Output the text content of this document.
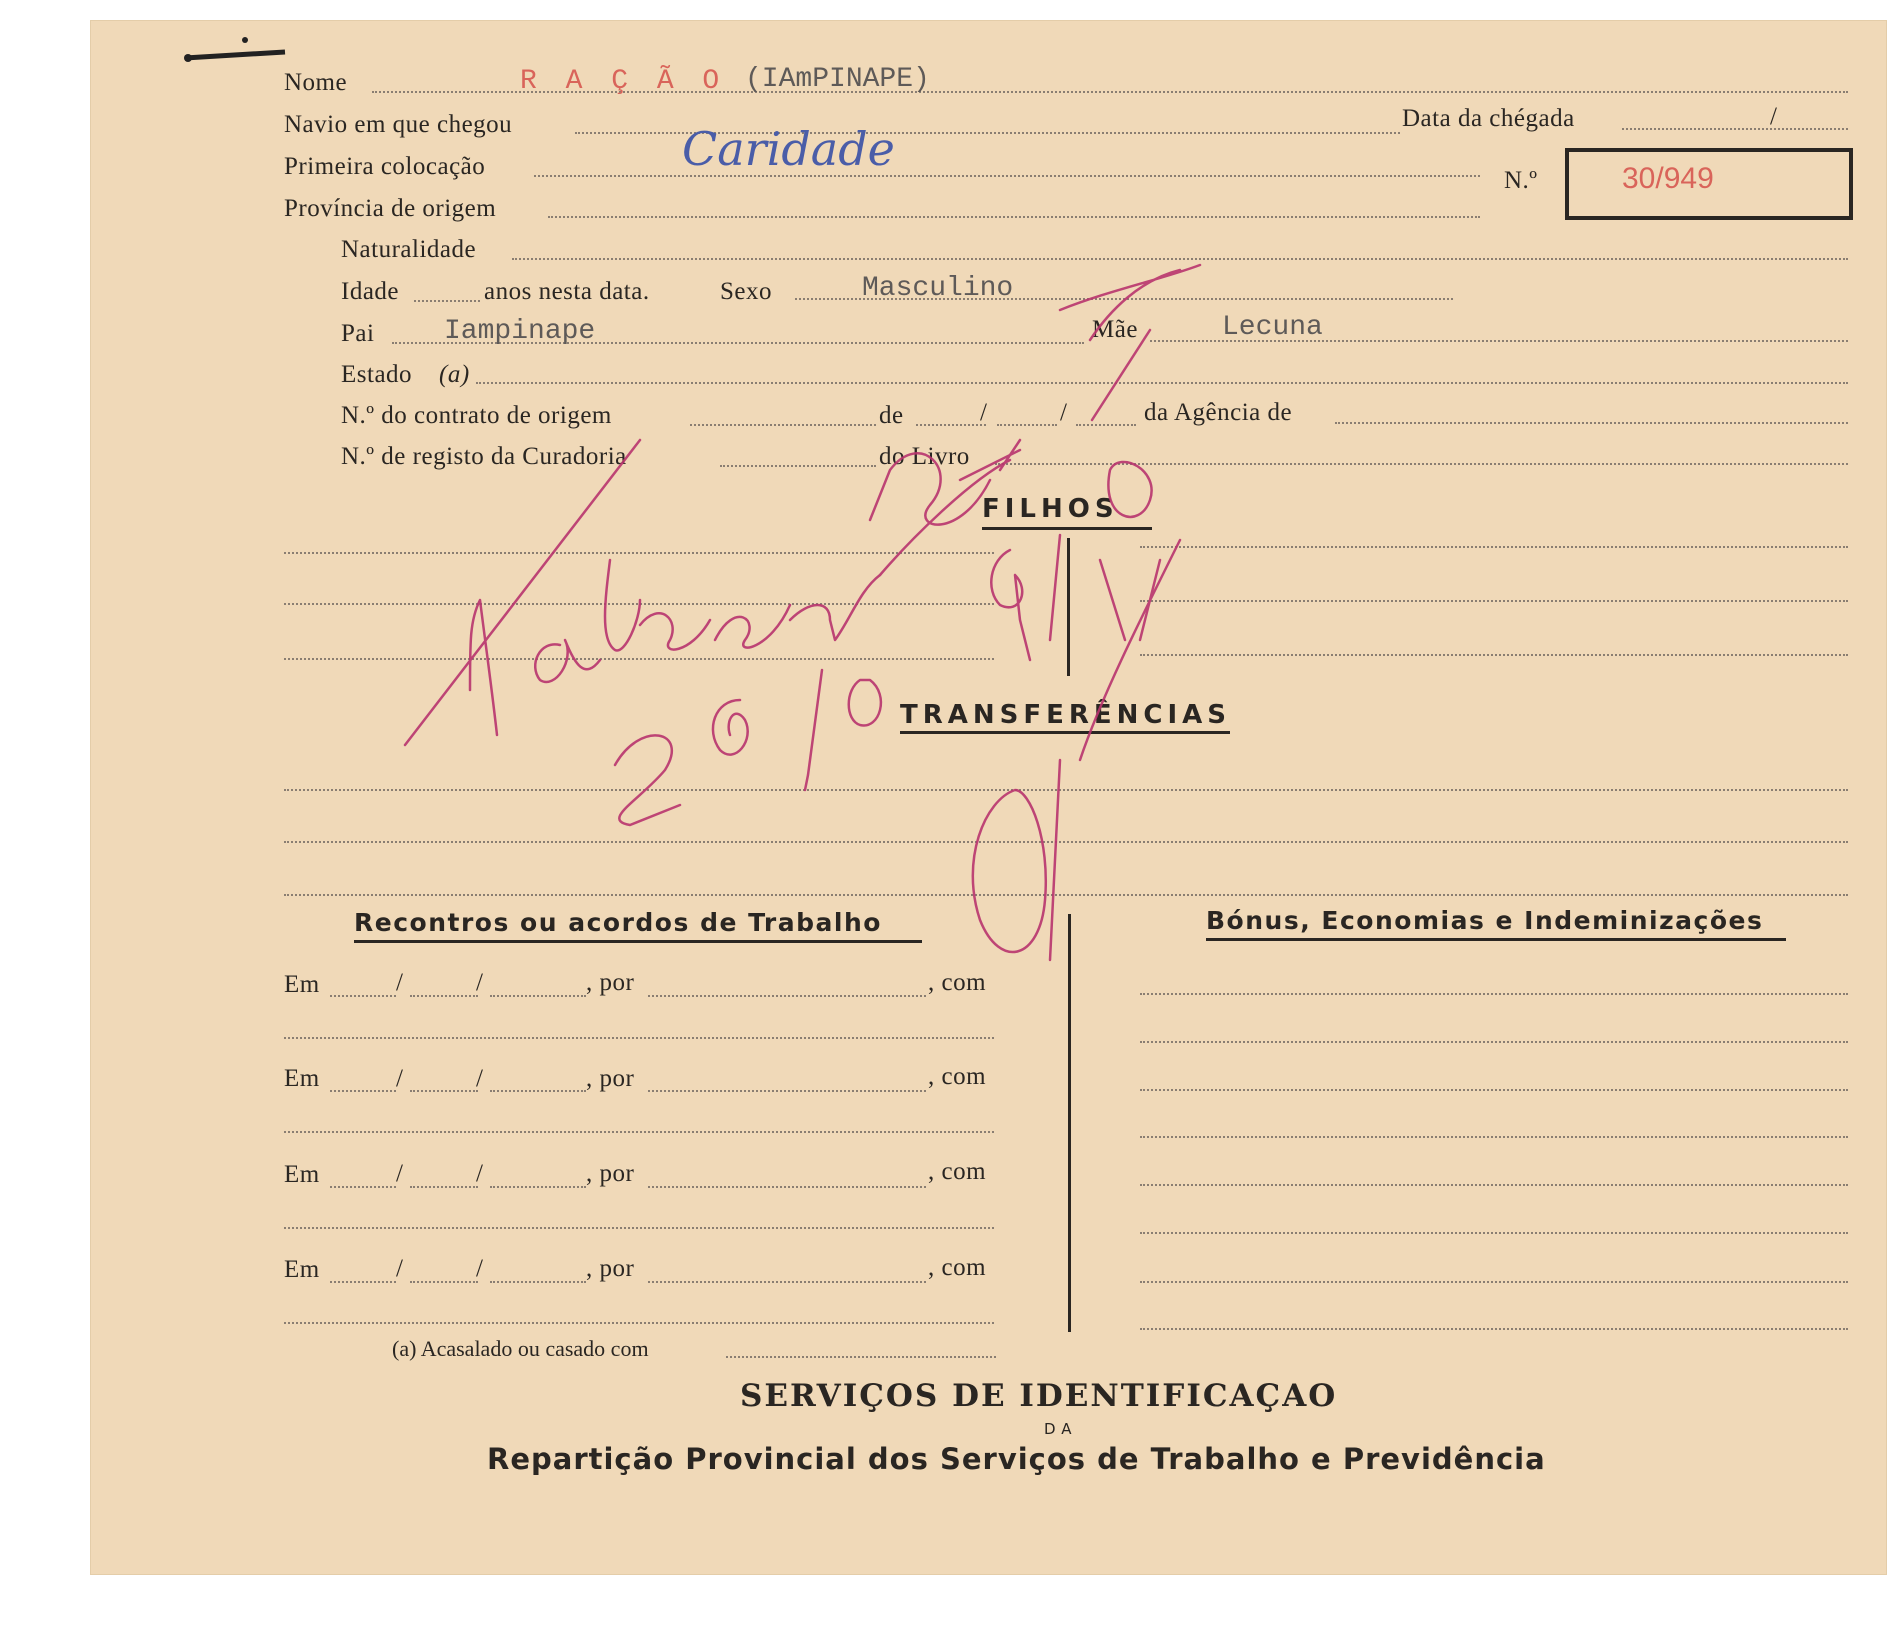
Nome	R A Ç Ã O (IAmPINAPE)
Navio em que chegou	Data da chégada	/
Primeira colocação	Caridade
N.º	30/949
Província de origem
Naturalidade
Idade	anos nesta data.	Sexo	Masculino
Pai Iampinape	Mãe	Lecuna
Estado (a)
N.º do contrato de origem	de	/	/	da Agência de
N.º de registo da Curadoria	do Livro
FILHOS
TRANSFERÊNCIAS
Recontros ou acordos de Trabalho	Bónus, Economias e Indeminizações
Em	/	/	, por	, com
Em	/	/	, por	, com
Em	/	/	, por	, com
Em	/	/	, por	, com
(a) Acasalado ou casado com
SERVIÇOS DE IDENTIFICAÇAO
DA
Repartição Provincial dos Serviços de Trabalho e Previdência
